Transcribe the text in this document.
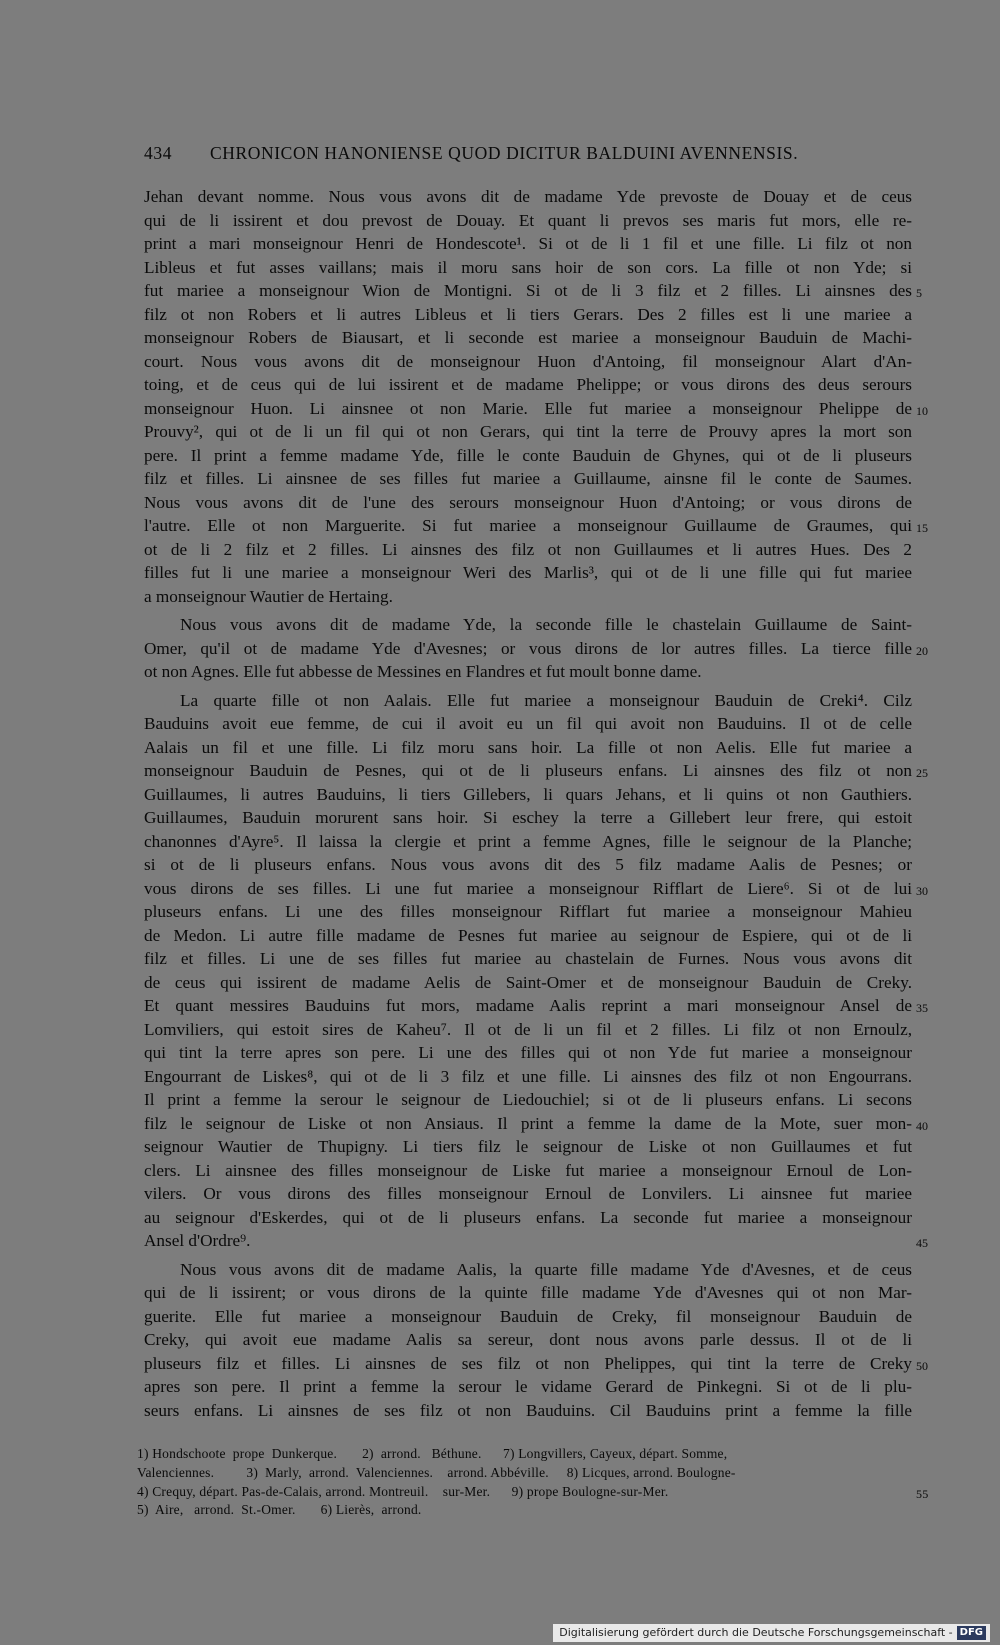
434 CHRONICON HANONIENSE QUOD DICITUR BALDUINI AVENNENSIS.
Jehan devant nomme. Nous vous avons dit de madame Yde prevoste de Douay et de ceus
qui de li issirent et dou prevost de Douay. Et quant li prevos ses maris fut mors, elle re-
print a mari monseignour Henri de Hondescote¹. Si ot de li 1 fil et une fille. Li filz ot non
Libleus et fut asses vaillans; mais il moru sans hoir de son cors. La fille ot non Yde; si
fut mariee a monseignour Wion de Montigni. Si ot de li 3 filz et 2 filles. Li ainsnes des 5
filz ot non Robers et li autres Libleus et li tiers Gerars. Des 2 filles est li une mariee a
monseignour Robers de Biausart, et li seconde est mariee a monseignour Bauduin de Machi-
court. Nous vous avons dit de monseignour Huon d'Antoing, fil monseignour Alart d'An-
toing, et de ceus qui de lui issirent et de madame Phelippe; or vous dirons des deus serours
monseignour Huon. Li ainsnee ot non Marie. Elle fut mariee a monseignour Phelippe de 10
Prouvy², qui ot de li un fil qui ot non Gerars, qui tint la terre de Prouvy apres la mort son
pere. Il print a femme madame Yde, fille le conte Bauduin de Ghynes, qui ot de li pluseurs
filz et filles. Li ainsnee de ses filles fut mariee a Guillaume, ainsne fil le conte de Saumes.
Nous vous avons dit de l'une des serours monseignour Huon d'Antoing; or vous dirons de
l'autre. Elle ot non Marguerite. Si fut mariee a monseignour Guillaume de Graumes, qui 15
ot de li 2 filz et 2 filles. Li ainsnes des filz ot non Guillaumes et li autres Hues. Des 2
filles fut li une mariee a monseignour Weri des Marlis³, qui ot de li une fille qui fut mariee
a monseignour Wautier de Hertaing.
Nous vous avons dit de madame Yde, la seconde fille le chastelain Guillaume de Saint-
Omer, qu'il ot de madame Yde d'Avesnes; or vous dirons de lor autres filles. La tierce fille 20
ot non Agnes. Elle fut abbesse de Messines en Flandres et fut moult bonne dame.
La quarte fille ot non Aalais. Elle fut mariee a monseignour Bauduin de Creki⁴. Cilz
Bauduins avoit eue femme, de cui il avoit eu un fil qui avoit non Bauduins. Il ot de celle
Aalais un fil et une fille. Li filz moru sans hoir. La fille ot non Aelis. Elle fut mariee a
monseignour Bauduin de Pesnes, qui ot de li pluseurs enfans. Li ainsnes des filz ot non 25
Guillaumes, li autres Bauduins, li tiers Gillebers, li quars Jehans, et li quins ot non Gauthiers.
Guillaumes, Bauduin morurent sans hoir. Si eschey la terre a Gillebert leur frere, qui estoit
chanonnes d'Ayre⁵. Il laissa la clergie et print a femme Agnes, fille le seignour de la Planche;
si ot de li pluseurs enfans. Nous vous avons dit des 5 filz madame Aalis de Pesnes; or
vous dirons de ses filles. Li une fut mariee a monseignour Rifflart de Liere⁶. Si ot de lui 30
pluseurs enfans. Li une des filles monseignour Rifflart fut mariee a monseignour Mahieu
de Medon. Li autre fille madame de Pesnes fut mariee au seignour de Espiere, qui ot de li
filz et filles. Li une de ses filles fut mariee au chastelain de Furnes. Nous vous avons dit
de ceus qui issirent de madame Aelis de Saint-Omer et de monseignour Bauduin de Creky.
Et quant messires Bauduins fut mors, madame Aalis reprint a mari monseignour Ansel de 35
Lomviliers, qui estoit sires de Kaheu⁷. Il ot de li un fil et 2 filles. Li filz ot non Ernoulz,
qui tint la terre apres son pere. Li une des filles qui ot non Yde fut mariee a monseignour
Engourrant de Liskes⁸, qui ot de li 3 filz et une fille. Li ainsnes des filz ot non Engourrans.
Il print a femme la serour le seignour de Liedouchiel; si ot de li pluseurs enfans. Li secons
filz le seignour de Liske ot non Ansiaus. Il print a femme la dame de la Mote, suer mon- 40
seignour Wautier de Thupigny. Li tiers filz le seignour de Liske ot non Guillaumes et fut
clers. Li ainsnee des filles monseignour de Liske fut mariee a monseignour Ernoul de Lon-
vilers. Or vous dirons des filles monseignour Ernoul de Lonvilers. Li ainsnee fut mariee
au seignour d'Eskerdes, qui ot de li pluseurs enfans. La seconde fut mariee a monseignour
Ansel d'Ordre⁹.	45
Nous vous avons dit de madame Aalis, la quarte fille madame Yde d'Avesnes, et de ceus
qui de li issirent; or vous dirons de la quinte fille madame Yde d'Avesnes qui ot non Mar-
guerite. Elle fut mariee a monseignour Bauduin de Creky, fil monseignour Bauduin de
Creky, qui avoit eue madame Aalis sa sereur, dont nous avons parle dessus. Il ot de li
pluseurs filz et filles. Li ainsnes de ses filz ot non Phelippes, qui tint la terre de Creky 50
apres son pere. Il print a femme la serour le vidame Gerard de Pinkegni. Si ot de li plu-
seurs enfans. Li ainsnes de ses filz ot non Bauduins. Cil Bauduins print a femme la fille
1) Hondschoote  prope  Dunkerque.       2)  arrond.   Béthune.      7) Longvillers, Cayeux, départ. Somme,
Valenciennes.         3)  Marly,  arrond.  Valenciennes.    arrond. Abbéville.     8) Licques, arrond. Boulogne-
4) Crequy, départ. Pas-de-Calais, arrond. Montreuil.    sur-Mer.      9) prope Boulogne-sur-Mer.	55
5)  Aire,   arrond.  St.-Omer.       6) Lierès,  arrond.
Digitalisierung gefördert durch die Deutsche Forschungsgemeinschaft - DFG
